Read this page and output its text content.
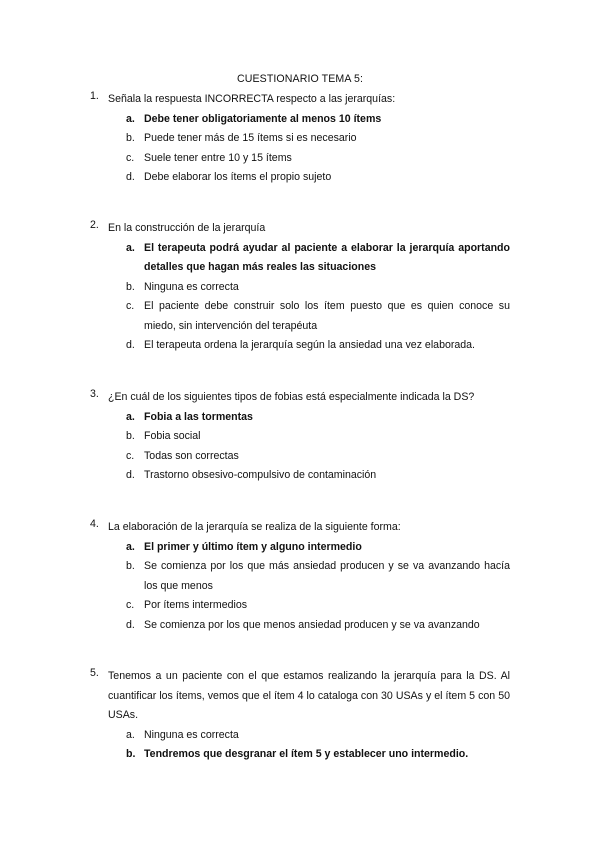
CUESTIONARIO TEMA 5:
1. Señala la respuesta INCORRECTA respecto a las jerarquías:
a. Debe tener obligatoriamente al menos 10 ítems
b. Puede tener más de 15 ítems si es necesario
c. Suele tener entre 10 y 15 ítems
d. Debe elaborar los ítems el propio sujeto
2. En la construcción de la jerarquía
a. El terapeuta podrá ayudar al paciente a elaborar la jerarquía aportando detalles que hagan más reales las situaciones
b. Ninguna es correcta
c. El paciente debe construir solo los ítem puesto que es quien conoce su miedo, sin intervención del terapéuta
d. El terapeuta ordena la jerarquía según la ansiedad una vez elaborada.
3. ¿En cuál de los siguientes tipos de fobias está especialmente indicada la DS?
a. Fobia a las tormentas
b. Fobia social
c. Todas son correctas
d. Trastorno obsesivo-compulsivo de contaminación
4. La elaboración de la jerarquía se realiza de la siguiente forma:
a. El primer y último ítem y alguno intermedio
b. Se comienza por los que más ansiedad producen y se va avanzando hacía los que menos
c. Por ítems intermedios
d. Se comienza por los que menos ansiedad producen y se va avanzando
5. Tenemos a un paciente con el que estamos realizando la jerarquía para la DS. Al cuantificar los ítems, vemos que el ítem 4 lo cataloga con 30 USAs y el ítem 5 con 50 USAs.
a. Ninguna es correcta
b. Tendremos que desgranar el ítem 5 y establecer uno intermedio.
